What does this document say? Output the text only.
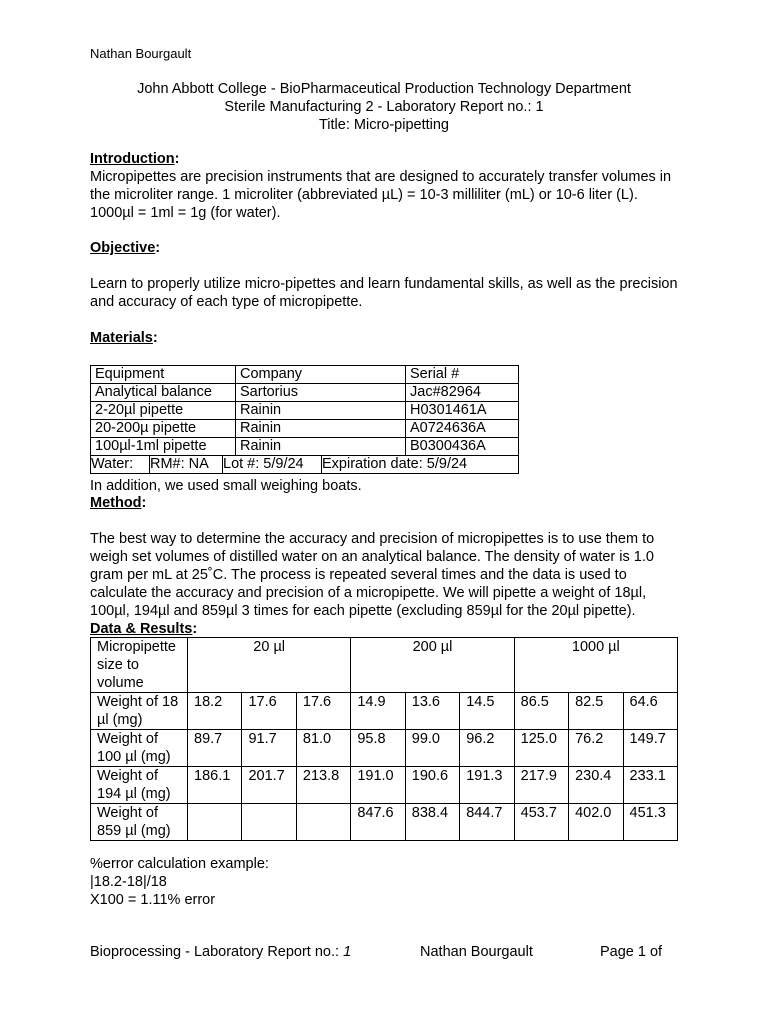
Nathan Bourgault
John Abbott College - BioPharmaceutical Production Technology Department
Sterile Manufacturing 2 - Laboratory Report no.: 1
Title: Micro-pipetting
Introduction:
Micropipettes are precision instruments that are designed to accurately transfer volumes in the microliter range. 1 microliter (abbreviated µL) = 10-3 milliliter (mL) or 10-6 liter (L). 1000µl = 1ml = 1g (for water).
Objective:
Learn to properly utilize micro-pipettes and learn fundamental skills, as well as the precision and accuracy of each type of micropipette.
Materials:
Equipment	Company	Serial #
Analytical balance	Sartorius	Jac#82964
2-20µl pipette	Rainin	H0301461A
20-200µ pipette	Rainin	A0724636A
100µl-1ml pipette	Rainin	B0300436A

Water:	RM#: NA	Lot #: 5/9/24	Expiration date: 5/9/24
In addition, we used small weighing boats.
Method:
The best way to determine the accuracy and precision of micropipettes is to use them to weigh set volumes of distilled water on an analytical balance. The density of water is 1.0 gram per mL at 25˚C. The process is repeated several times and the data is used to calculate the accuracy and precision of a micropipette. We will pipette a weight of 18µl, 100µl, 194µl and 859µl 3 times for each pipette (excluding 859µl for the 20µl pipette).
Data & Results:
Micropipette size to volume	20 µl			200 µl			1000 µl		
Weight of 18 µl (mg)	18.2	17.6	17.6	14.9	13.6	14.5	86.5	82.5	64.6
Weight of 100 µl (mg)	89.7	91.7	81.0	95.8	99.0	96.2	125.0	76.2	149.7
Weight of 194 µl (mg)	186.1	201.7	213.8	191.0	190.6	191.3	217.9	230.4	233.1
Weight of 859 µl (mg)				847.6	838.4	844.7	453.7	402.0	451.3
%error calculation example:
|18.2-18|/18
X100 = 1.11% error
Bioprocessing - Laboratory Report no.: 1	Nathan Bourgault	Page 1 of
